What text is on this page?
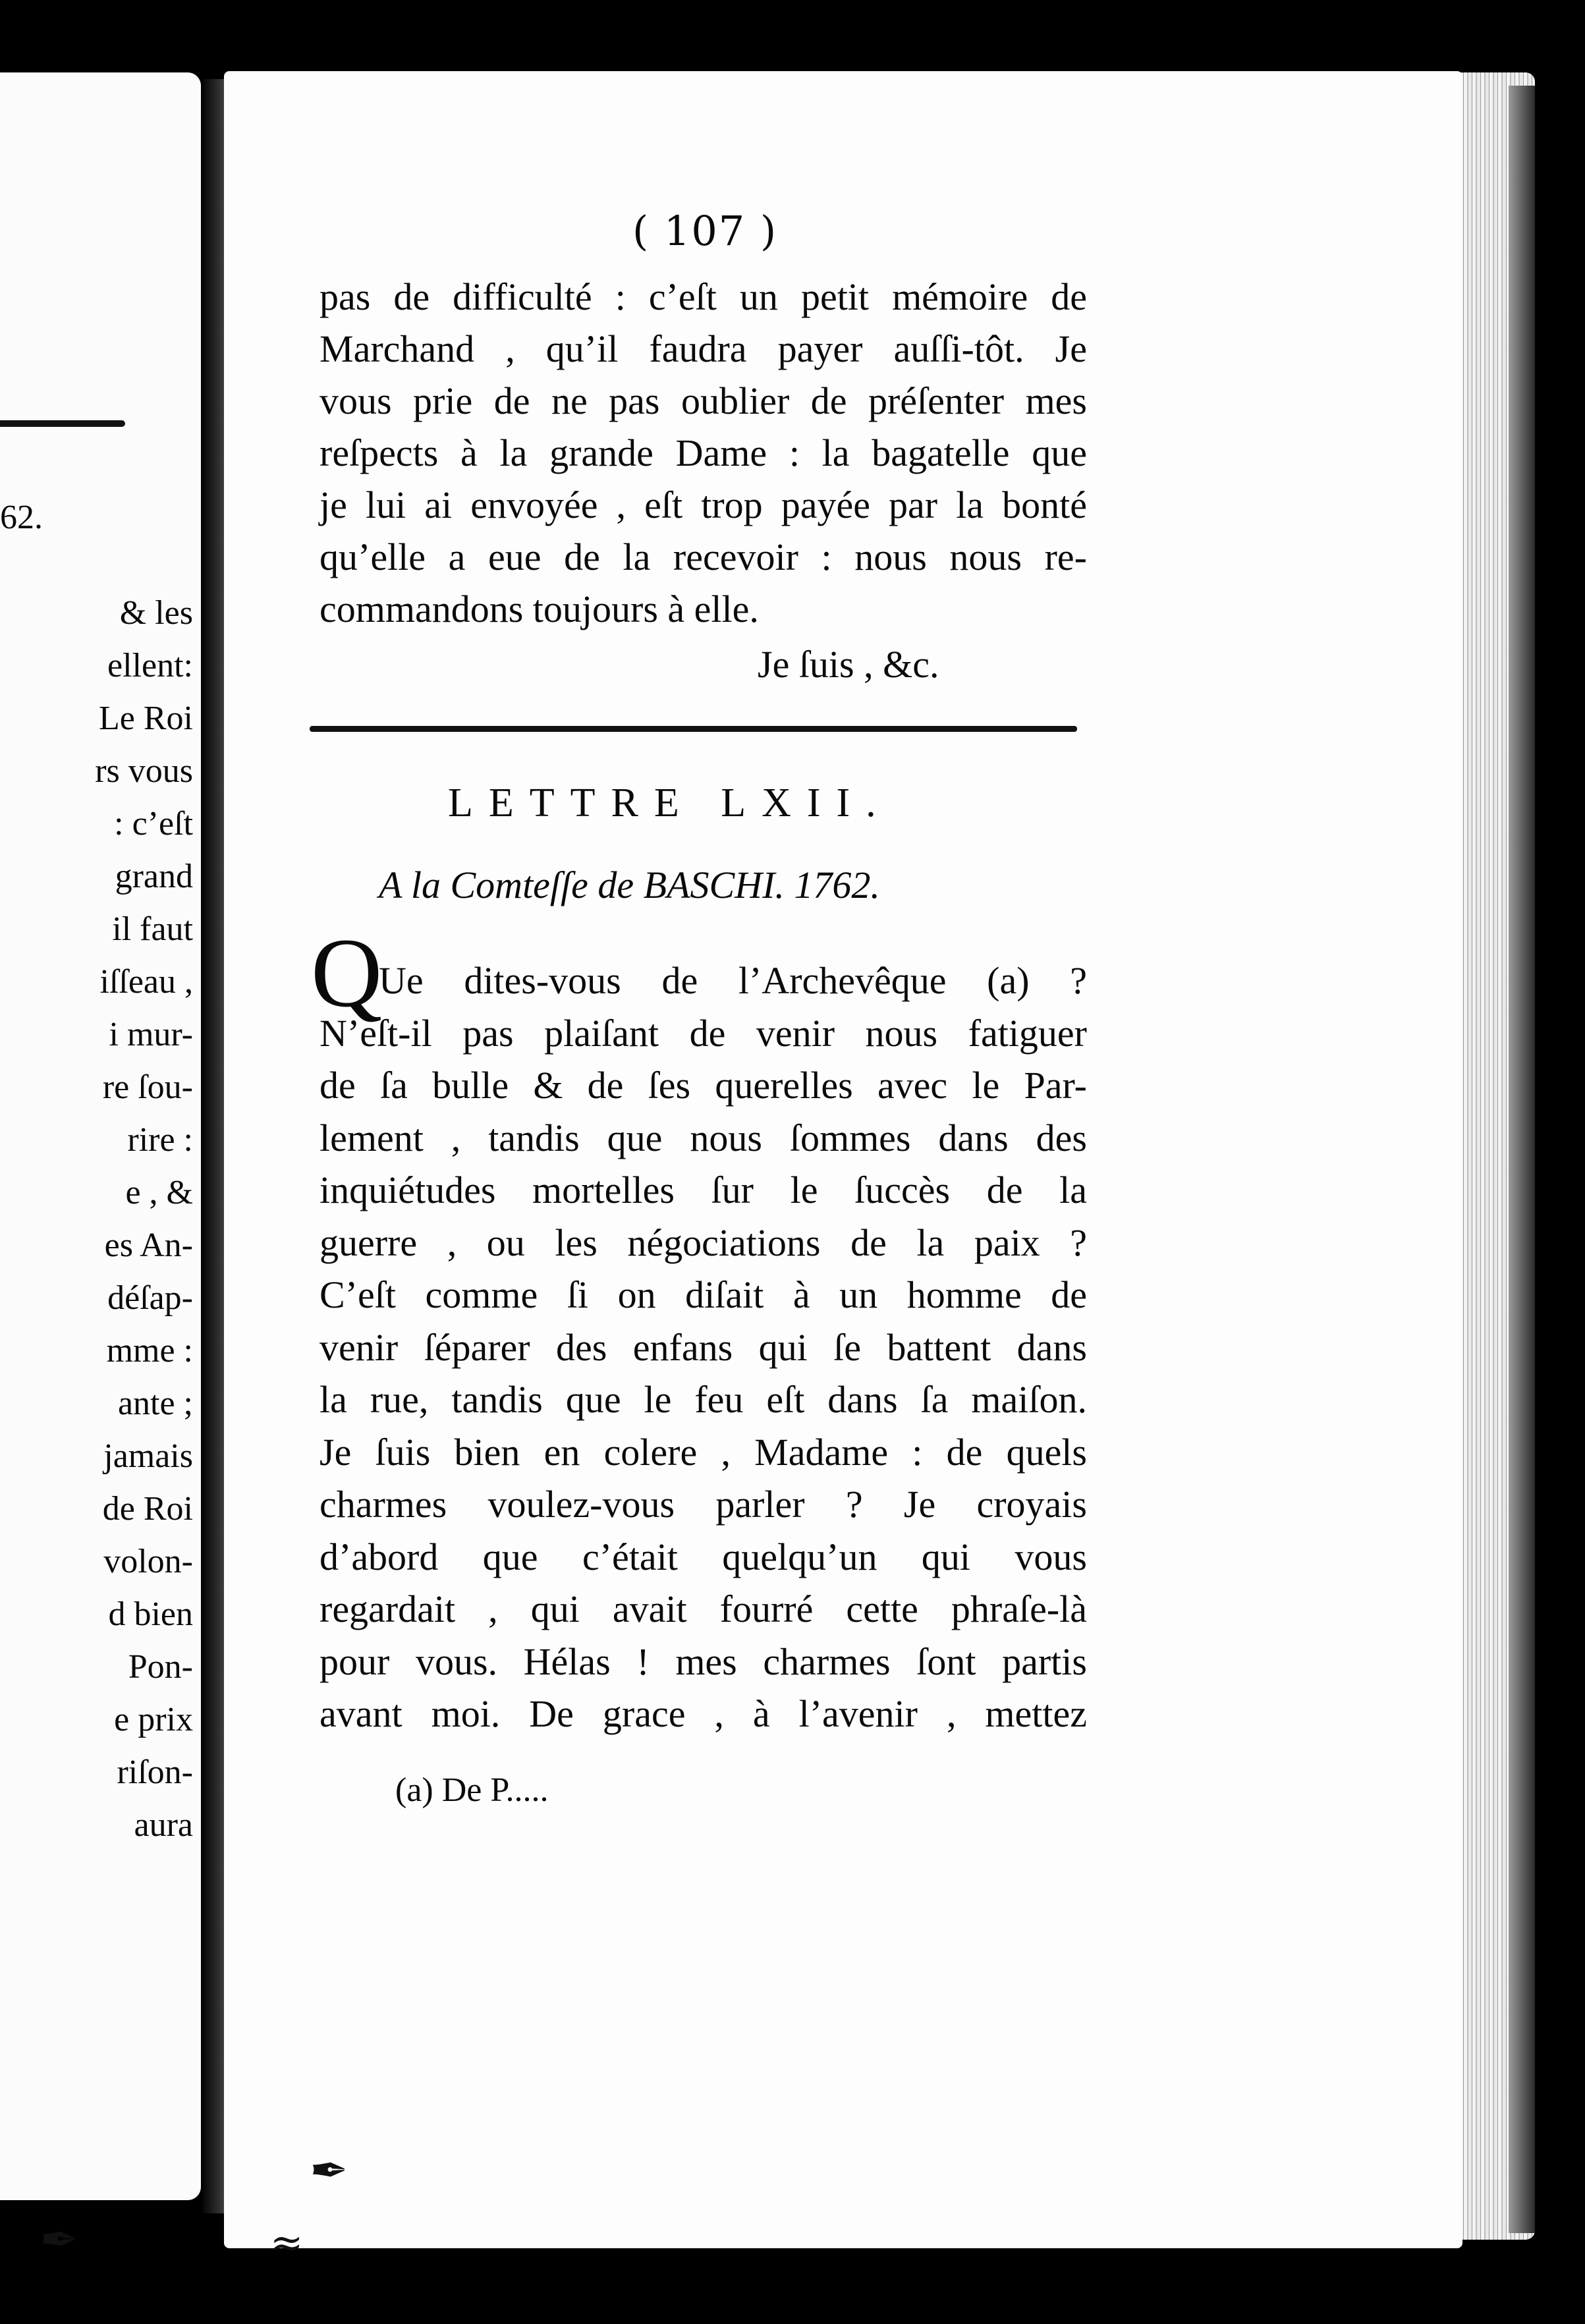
62.
& les
ellent:
Le Roi
rs vous
: c’eſt
grand
il faut
iſſeau ,
i mur-
re ſou-
rire :
e , &
es An-
déſap-
mme :
ante ;
jamais
de Roi
volon-
d bien
Pon-
e prix
riſon-
aura
✒
( 107 )
pas de difficulté : c’eſt un petit mémoire de
Marchand , qu’il faudra payer auſſi-tôt. Je
vous prie de ne pas oublier de préſenter mes
reſpects à la grande Dame : la bagatelle que
je lui ai envoyée , eſt trop payée par la bonté
qu’elle a eue de la recevoir : nous nous re-
commandons toujours à elle.
Je ſuis , &c.
LETTRE LXII.
A la Comteſſe de BASCHI. 1762.
Q
Ue dites-vous de l’Archevêque (a) ?
N’eſt-il pas plaiſant de venir nous fatiguer
de ſa bulle & de ſes querelles avec le Par-
lement , tandis que nous ſommes dans des
inquiétudes mortelles ſur le ſuccès de la
guerre , ou les négociations de la paix ?
C’eſt comme ſi on diſait à un homme de
venir ſéparer des enfans qui ſe battent dans
la rue, tandis que le feu eſt dans ſa maiſon.
Je ſuis bien en colere , Madame : de quels
charmes voulez-vous parler ? Je croyais
d’abord que c’était quelqu’un qui vous
regardait , qui avait fourré cette phraſe-là
pour vous. Hélas ! mes charmes ſont partis
avant moi. De grace , à l’avenir , mettez
(a) De P.....
✒
≈
